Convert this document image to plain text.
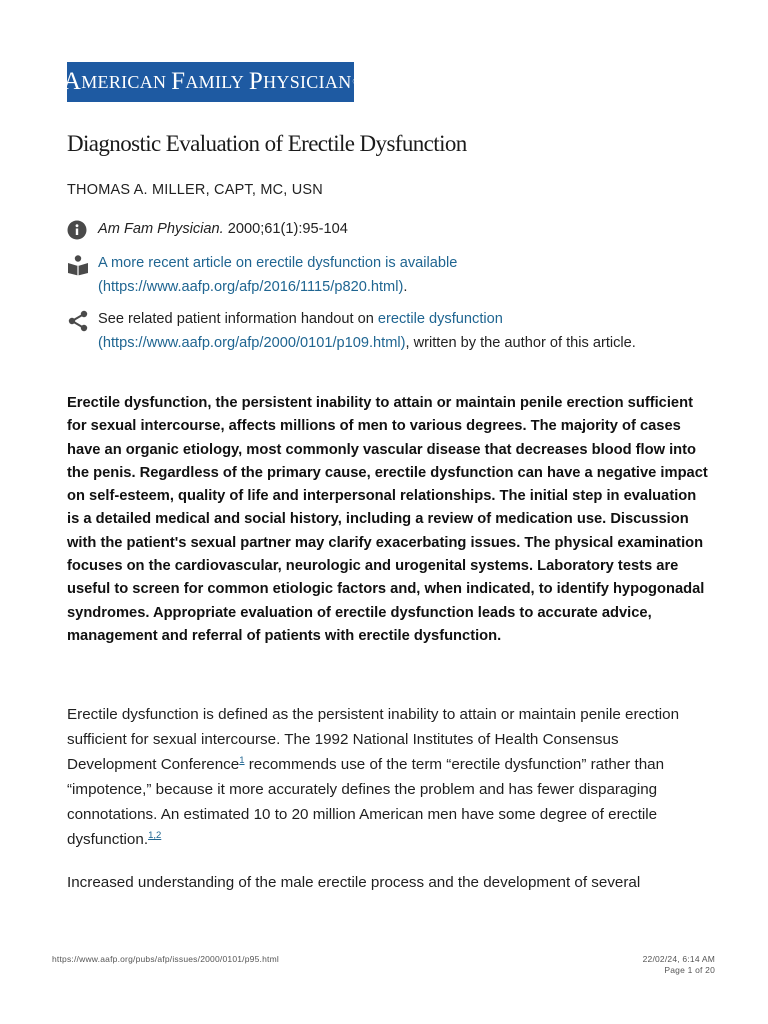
A MERICAN
F AMILY
P HYSICIAN ®
Diagnostic Evaluation of Erectile Dysfunction
THOMAS A. MILLER, CAPT, MC, USN
Am Fam Physician. 2000;61(1):95-104
A more recent article on erectile dysfunction is available (https://www.aafp.org/afp/2016/1115/p820.html).
See related patient information handout on erectile dysfunction (https://www.aafp.org/afp/2000/0101/p109.html), written by the author of this article.

Erectile dysfunction, the persistent inability to attain or maintain penile erection sufficient for sexual intercourse, affects millions of men to various degrees. The majority of cases have an organic etiology, most commonly vascular disease that decreases blood flow into the penis. Regardless of the primary cause, erectile dysfunction can have a negative impact on self-esteem, quality of life and interpersonal relationships. The initial step in evaluation is a detailed medical and social history, including a review of medication use. Discussion with the patient's sexual partner may clarify exacerbating issues. The physical examination focuses on the cardiovascular, neurologic and urogenital systems. Laboratory tests are useful to screen for common etiologic factors and, when indicated, to identify hypogonadal syndromes. Appropriate evaluation of erectile dysfunction leads to accurate advice, management and referral of patients with erectile dysfunction.

Erectile dysfunction is defined as the persistent inability to attain or maintain penile erection sufficient for sexual intercourse. The 1992 National Institutes of Health Consensus Development Conference$^1$ recommends use of the term “erectile dysfunction” rather than “impotence,” because it more accurately defines the problem and has fewer disparaging connotations. An estimated 10 to 20 million American men have some degree of erectile dysfunction.$^{1,2}$

Increased understanding of the male erectile process and the development of several

https://www.aafp.org/pubs/afp/issues/2000/0101/p95.html	22/02/24, 6:14 AM
Page 1 of 20
